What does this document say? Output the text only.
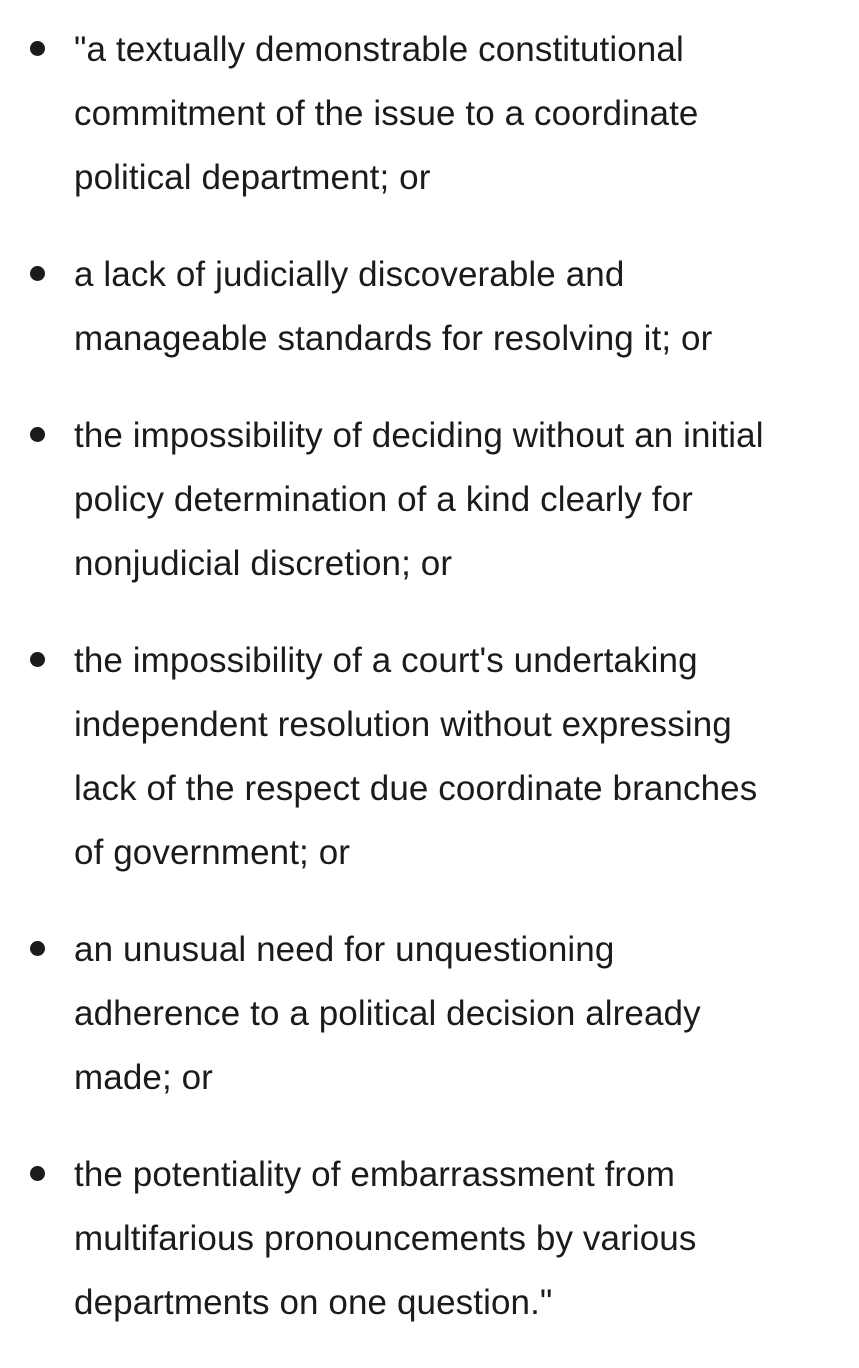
"a textually demonstrable constitutional
commitment of the issue to a coordinate
political department; or
a lack of judicially discoverable and
manageable standards for resolving it; or
the impossibility of deciding without an initial
policy determination of a kind clearly for
nonjudicial discretion; or
the impossibility of a court's undertaking
independent resolution without expressing
lack of the respect due coordinate branches
of government; or
an unusual need for unquestioning
adherence to a political decision already
made; or
the potentiality of embarrassment from
multifarious pronouncements by various
departments on one question."
